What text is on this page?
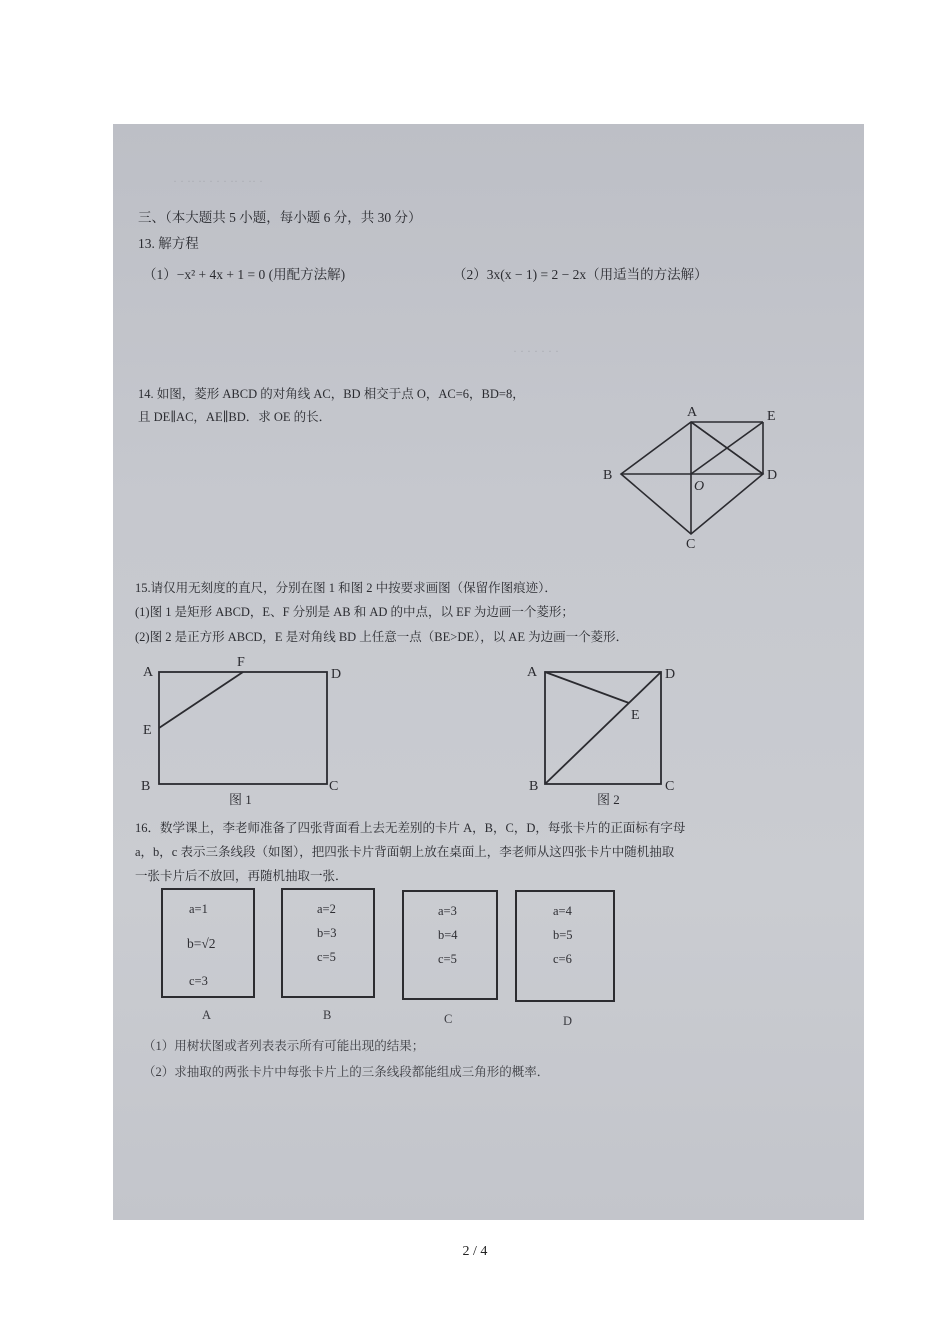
· · ·· ·· · · · ·· · ·· ·
· · · · · · ·
三、（本大题共 5 小题，每小题 6 分，共 30 分）
13. 解方程
（1）−x² + 4x + 1 = 0 (用配方法解)	（2）3x(x − 1) = 2 − 2x（用适当的方法解）
14. 如图，菱形 ABCD 的对角线 AC，BD 相交于点 O，AC=6，BD=8，
且 DE∥AC，AE∥BD．求 OE 的长．	A	E
B	D
O
C
15.请仅用无刻度的直尺，分别在图 1 和图 2 中按要求画图（保留作图痕迹）．
(1)图 1 是矩形 ABCD，E、F 分别是 AB 和 AD 的中点，以 EF 为边画一个菱形；
(2)图 2 是正方形 ABCD，E 是对角线 BD 上任意一点（BE>DE），以 AE 为边画一个菱形．
A
F
D
E
B	C
图 1
A	D
E
B	C
图 2
16．数学课上，李老师准备了四张背面看上去无差别的卡片 A，B，C，D，每张卡片的正面标有字母
a，b，c 表示三条线段（如图），把四张卡片背面朝上放在桌面上，李老师从这四张卡片中随机抽取
一张卡片后不放回，再随机抽取一张．
a=1
b=√2
c=3
A
a=2
b=3
c=5
B
a=3
b=4
c=5
C
a=4
b=5
c=6
D
（1）用树状图或者列表表示所有可能出现的结果；
（2）求抽取的两张卡片中每张卡片上的三条线段都能组成三角形的概率．
2 / 4
